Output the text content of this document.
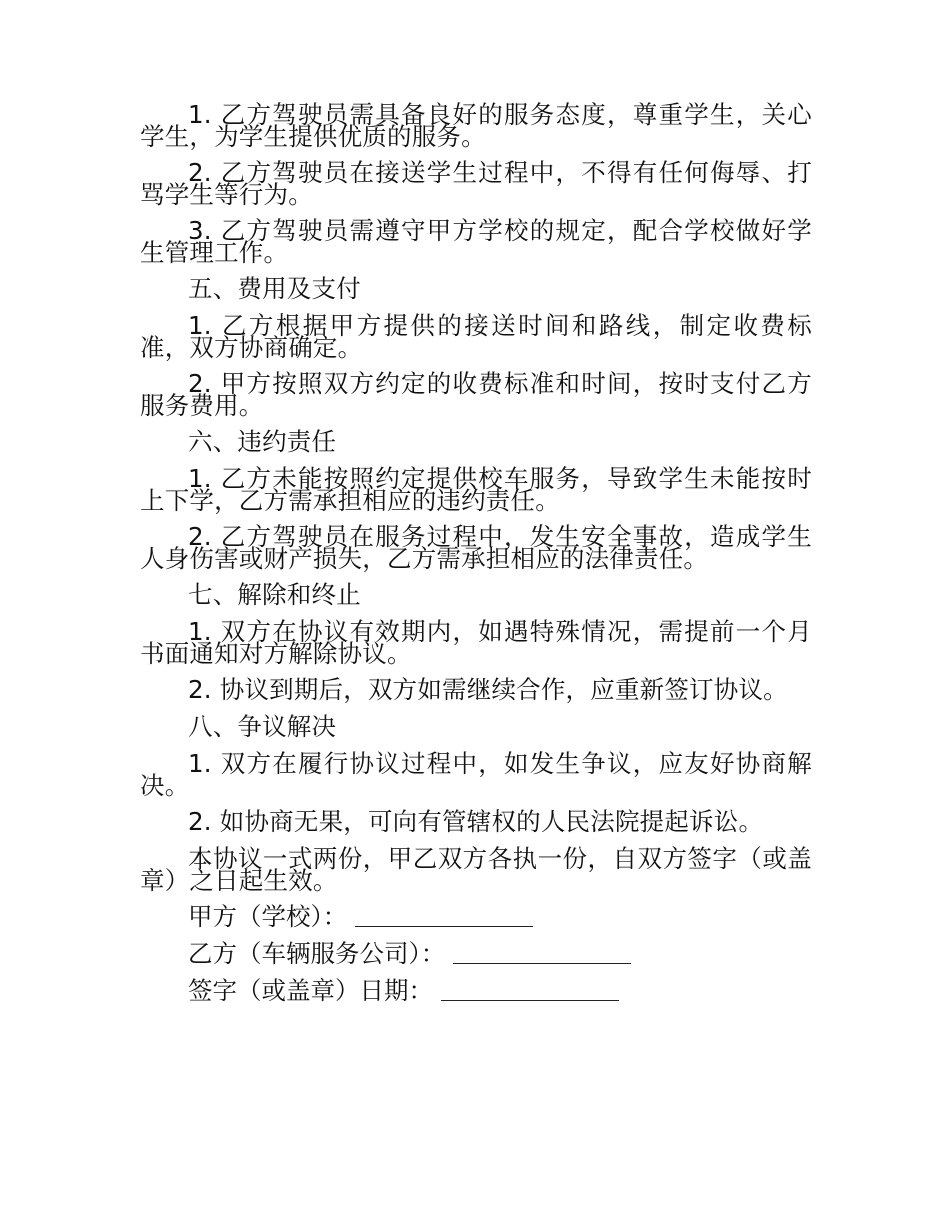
1. 乙方驾驶员需具备良好的服务态度，尊重学生，关心学生，为学生提供优质的服务。

2. 乙方驾驶员在接送学生过程中，不得有任何侮辱、打骂学生等行为。

3. 乙方驾驶员需遵守甲方学校的规定，配合学校做好学生管理工作。

五、费用及支付

1. 乙方根据甲方提供的接送时间和路线，制定收费标准，双方协商确定。

2. 甲方按照双方约定的收费标准和时间，按时支付乙方服务费用。

六、违约责任

1. 乙方未能按照约定提供校车服务，导致学生未能按时上下学，乙方需承担相应的违约责任。

2. 乙方驾驶员在服务过程中，发生安全事故，造成学生人身伤害或财产损失，乙方需承担相应的法律责任。

七、解除和终止

1. 双方在协议有效期内，如遇特殊情况，需提前一个月书面通知对方解除协议。

2. 协议到期后，双方如需继续合作，应重新签订协议。

八、争议解决

1. 双方在履行协议过程中，如发生争议，应友好协商解决。

2. 如协商无果，可向有管辖权的人民法院提起诉讼。

本协议一式两份，甲乙双方各执一份，自双方签字（或盖章）之日起生效。

甲方（学校）：
乙方（车辆服务公司）：
签字（或盖章）日期：
